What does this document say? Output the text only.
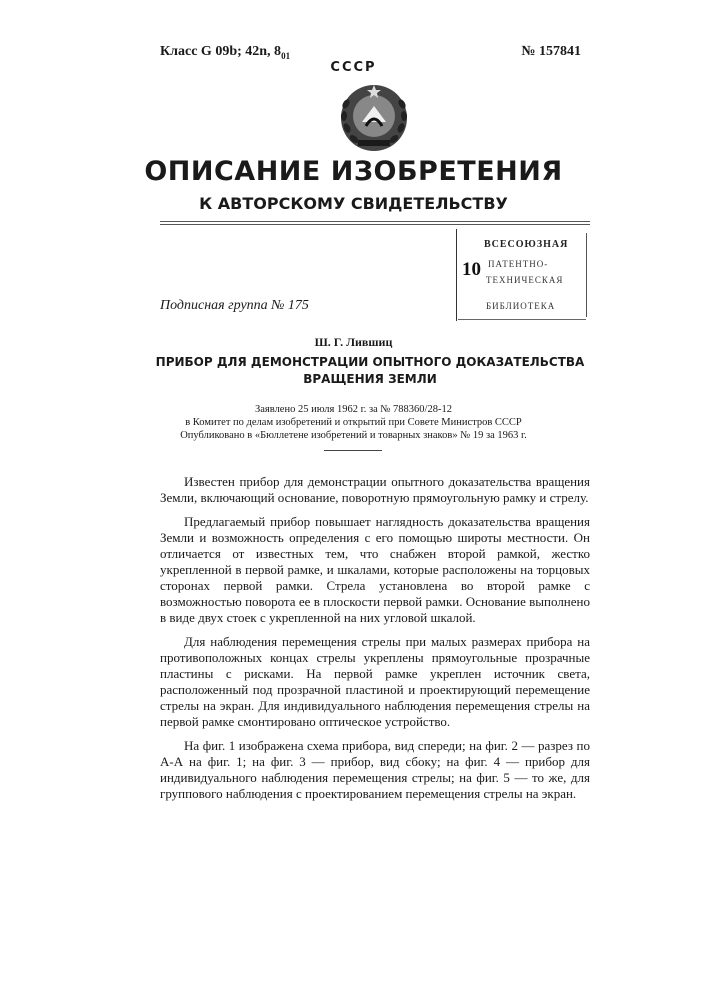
Класс G 09b; 42n, 801	№ 157841
СССР
ОПИСАНИЕ ИЗОБРЕТЕНИЯ
К АВТОРСКОМУ СВИДЕТЕЛЬСТВУ
Подписная группа № 175
10
ВСЕСОЮЗНАЯ
ПАТЕНТНО-
ТЕХНИЧЕСКАЯ
БИБЛИОТЕКА
Ш. Г. Лившиц
ПРИБОР ДЛЯ ДЕМОНСТРАЦИИ ОПЫТНОГО ДОКАЗАТЕЛЬСТВА ВРАЩЕНИЯ ЗЕМЛИ
Заявлено 25 июля 1962 г. за № 788360/28-12
в Комитет по делам изобретений и открытий при Совете Министров СССР
Опубликовано в «Бюллетене изобретений и товарных знаков» № 19 за 1963 г.

Известен прибор для демонстрации опытного доказательства вращения Земли, включающий основание, поворотную прямоугольную рамку и стрелу.

Предлагаемый прибор повышает наглядность доказательства вращения Земли и возможность определения с его помощью широты местности. Он отличается от известных тем, что снабжен второй рамкой, жестко укрепленной в первой рамке, и шкалами, которые расположены на торцовых сторонах первой рамки. Стрела установлена во второй рамке с возможностью поворота ее в плоскости первой рамки. Основание выполнено в виде двух стоек с укрепленной на них угловой шкалой.

Для наблюдения перемещения стрелы при малых размерах прибора на противоположных концах стрелы укреплены прямоугольные прозрачные пластины с рисками. На первой рамке укреплен источник света, расположенный под прозрачной пластиной и проектирующий перемещение стрелы на экран. Для индивидуального наблюдения перемещения стрелы на первой рамке смонтировано оптическое устройство.

На фиг. 1 изображена схема прибора, вид спереди; на фиг. 2 — разрез по А-А на фиг. 1; на фиг. 3 — прибор, вид сбоку; на фиг. 4 — прибор для индивидуального наблюдения перемещения стрелы; на фиг. 5 — то же, для группового наблюдения с проектированием перемещения стрелы на экран.
